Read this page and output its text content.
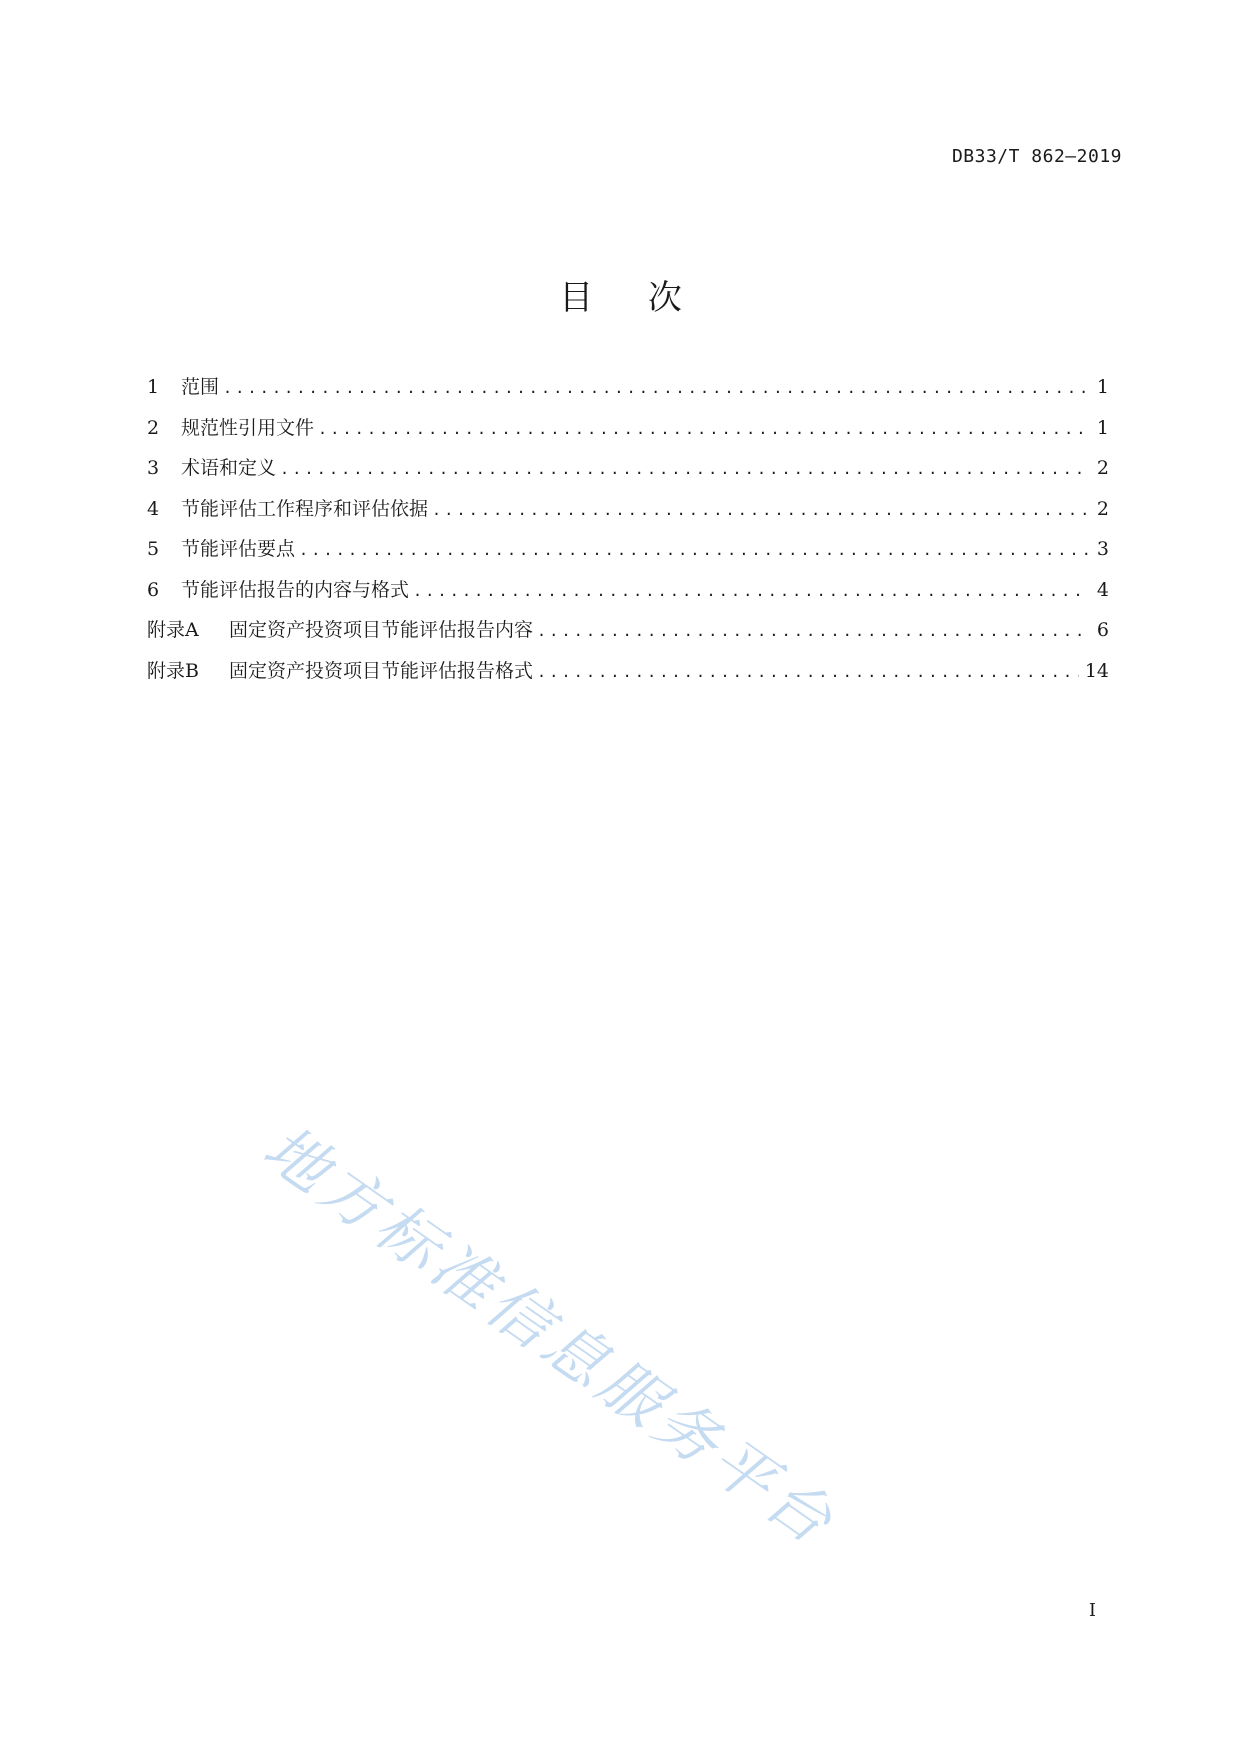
DB33/T 862—2019
目 次
1	范围 .....	1
2	规范性引用文件 .....	1
3	术语和定义 .....	2
4	节能评估工作程序和评估依据 .....	2
5	节能评估要点 .....	3
6	节能评估报告的内容与格式 .....	4
附录A	固定资产投资项目节能评估报告内容 .....	6
附录B	固定资产投资项目节能评估报告格式 .....	14
地方标准信息服务平台
I
